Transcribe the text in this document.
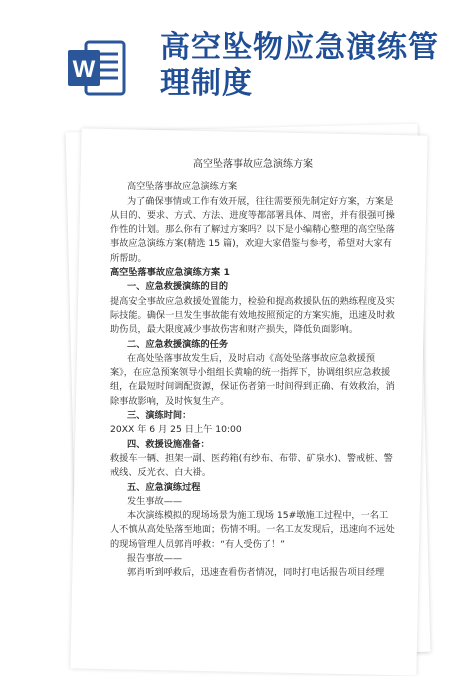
W
高空坠物应急演练管理制度
高空坠落事故应急演练方案

高空坠落事故应急演练方案

为了确保事情或工作有效开展，往往需要预先制定好方案，方案是从目的、要求、方式、方法、进度等都部署具体、周密，并有很强可操作性的计划。那么你有了解过方案吗？以下是小编精心整理的高空坠落事故应急演练方案(精选 15 篇)，欢迎大家借鉴与参考，希望对大家有所帮助。

高空坠落事故应急演练方案 1

一、应急救援演练的目的

提高安全事故应急救援处置能力，检验和提高救援队伍的熟练程度及实际技能。确保一旦发生事故能有效地按照预定的方案实施，迅速及时救助伤员，最大限度减少事故伤害和财产损失，降低负面影响。

二、应急救援演练的任务

在高处坠落事故发生后，及时启动《高处坠落事故应急救援预案》，在应急预案领导小组组长黄喻的统一指挥下，协调组织应急救援组，在最短时间调配资源，保证伤者第一时间得到正确、有效救治，消除事故影响，及时恢复生产。

三、演练时间：

20XX 年 6 月 25 日上午 10:00

四、救援设施准备：

救援车一辆、担架一副、医药箱(有纱布、布带、矿泉水)、警戒桩、警戒线、反光衣、白大褂。

五、应急演练过程

发生事故——

本次演练模拟的现场场景为施工现场 15#墩施工过程中，一名工人不慎从高处坠落至地面；伤情不明。一名工友发现后，迅速向不远处的现场管理人员郭肖呼救：“有人受伤了！”

报告事故——

郭肖听到呼救后，迅速查看伤者情况，同时打电话报告项目经理
